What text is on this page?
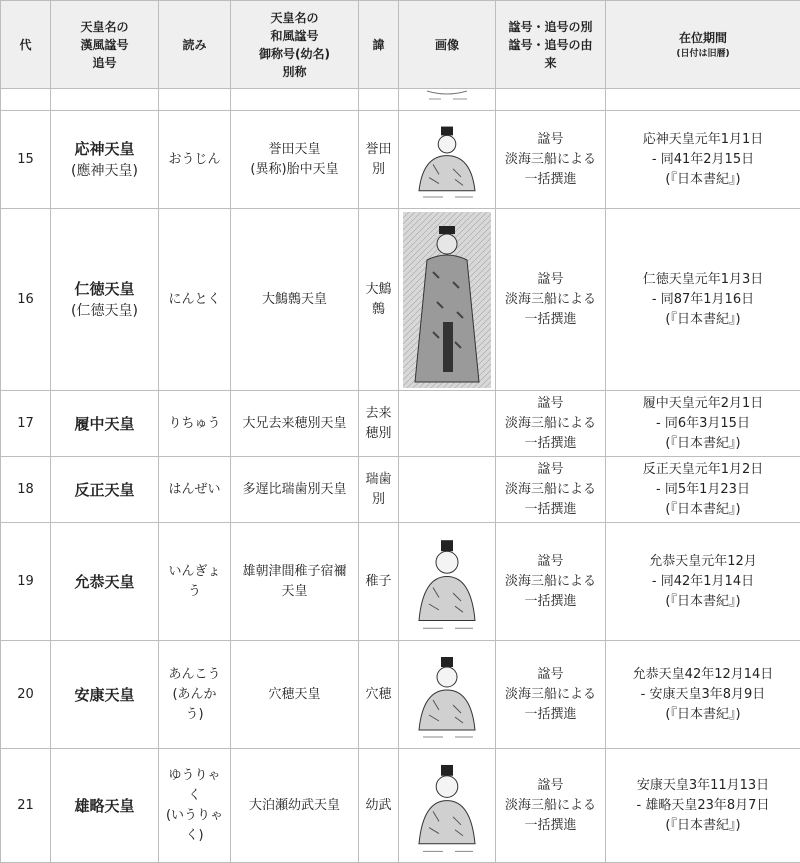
代	天皇名の
漢風諡号
追号	読み	天皇名の
和風諡号
御称号(幼名)
別称	諱	画像	諡号・追号の別
諡号・追号の由
来	在位期間
(日付は旧暦)

15	応神天皇
(應神天皇)	おうじん	誉田天皇
(異称)胎中天皇	誉田
別		諡号
淡海三船による
一括撰進	応神天皇元年1月1日
- 同41年2月15日
(『日本書紀』)

16	仁徳天皇
(仁德天皇)	にんとく	大鷦鷯天皇	大鷦
鷯		諡号
淡海三船による
一括撰進	仁徳天皇元年1月3日
- 同87年1月16日
(『日本書紀』)

17	履中天皇	りちゅう	大兄去来穂別天皇	去来
穂別		諡号
淡海三船による
一括撰進	履中天皇元年2月1日
- 同6年3月15日
(『日本書紀』)

18	反正天皇	はんぜい	多遅比瑞歯別天皇	瑞歯
別		諡号
淡海三船による
一括撰進	反正天皇元年1月2日
- 同5年1月23日
(『日本書紀』)

19	允恭天皇	いんぎょ
う	雄朝津間稚子宿禰
天皇	稚子		諡号
淡海三船による
一括撰進	允恭天皇元年12月
- 同42年1月14日
(『日本書紀』)

20	安康天皇	あんこう
(あんか
う)	穴穂天皇	穴穂		諡号
淡海三船による
一括撰進	允恭天皇42年12月14日
- 安康天皇3年8月9日
(『日本書紀』)

21	雄略天皇	ゆうりゃ
く
(いうりゃ
く)	大泊瀬幼武天皇	幼武		諡号
淡海三船による
一括撰進	安康天皇3年11月13日
- 雄略天皇23年8月7日
(『日本書紀』)
